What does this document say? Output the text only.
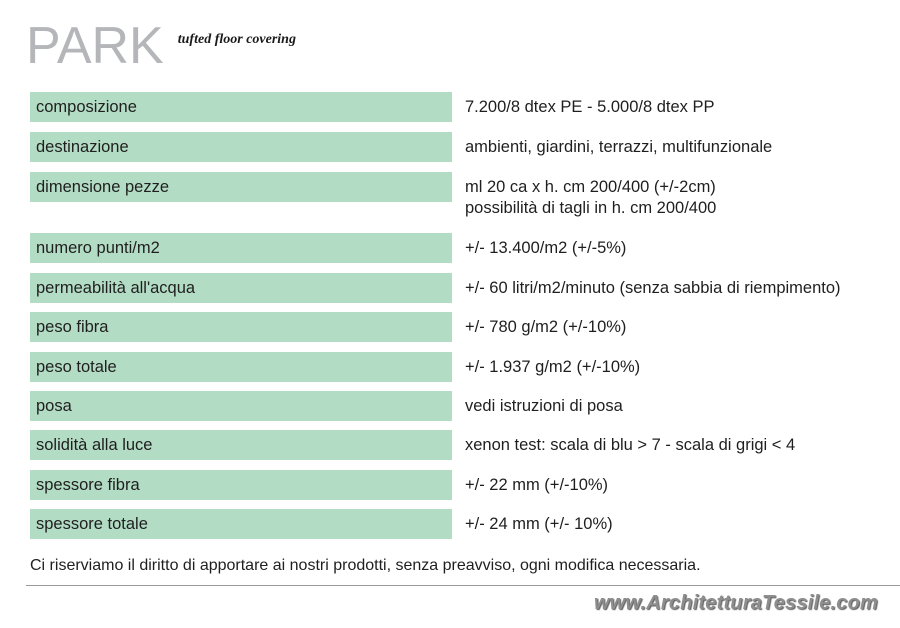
PARK tufted floor covering
composizione	7.200/8 dtex PE - 5.000/8 dtex PP
destinazione	ambienti, giardini, terrazzi, multifunzionale
dimensione pezze	ml 20 ca x h. cm 200/400 (+/-2cm)
possibilità di tagli in h. cm 200/400
numero punti/m2	+/- 13.400/m2 (+/-5%)
permeabilità all'acqua	+/- 60 litri/m2/minuto (senza sabbia di riempimento)
peso fibra	+/- 780 g/m2 (+/-10%)
peso totale	+/- 1.937 g/m2 (+/-10%)
posa	vedi istruzioni di posa
solidità alla luce	xenon test: scala di blu > 7 - scala di grigi < 4
spessore fibra	+/- 22 mm (+/-10%)
spessore totale	+/- 24 mm (+/- 10%)

Ci riserviamo il diritto di apportare ai nostri prodotti, senza preavviso, ogni modifica necessaria.

www.ArchitetturaTessile.com
